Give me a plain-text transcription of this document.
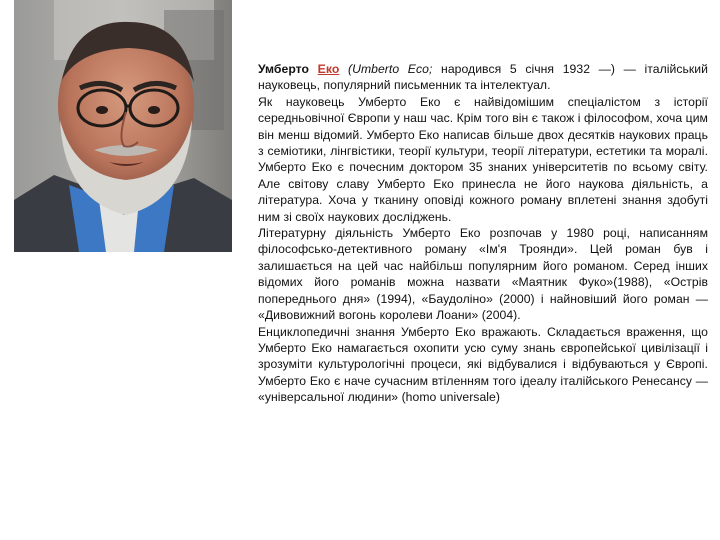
Умберто Еко (Umberto Eco; народився 5 січня 1932 —) — італійський науковець, популярний письменник та інтелектуал.

Як науковець Умберто Еко є найвідомішим спеціалістом з історії середньовічної Європи у наш час. Крім того він є також і філософом, хоча цим він менш відомий. Умберто Еко написав більше двох десятків наукових праць з семіотики, лінгвістики, теорії культури, теорії літератури, естетики та моралі. Умберто Еко є почесним доктором 35 знаних університетів по всьому світу. Але світову славу Умберто Еко принесла не його наукова діяльність, а література. Хоча у тканину оповіді кожного роману вплетені знання здобуті ним зі своїх наукових досліджень.

Літературну діяльність Умберто Еко розпочав у 1980 році, написанням філософсько-детективного роману «Ім'я Троянди». Цей роман був і залишається на цей час найбільш популярним його романом. Серед інших відомих його романів можна назвати «Маятник Фуко»(1988), «Острів попереднього дня» (1994), «Баудоліно» (2000) і найновіший його роман — «Дивовижний вогонь королеви Лоани» (2004).

Енциклопедичні знання Умберто Еко вражають. Складається враження, що Умберто Еко намагається охопити усю суму знань європейської цивілізації і зрозуміти культурологічні процеси, які відбувалися і відбуваються у Європі. Умберто Еко є наче сучасним втіленням того ідеалу італійського Ренесансу — «універсальної людини» (homo universale)
